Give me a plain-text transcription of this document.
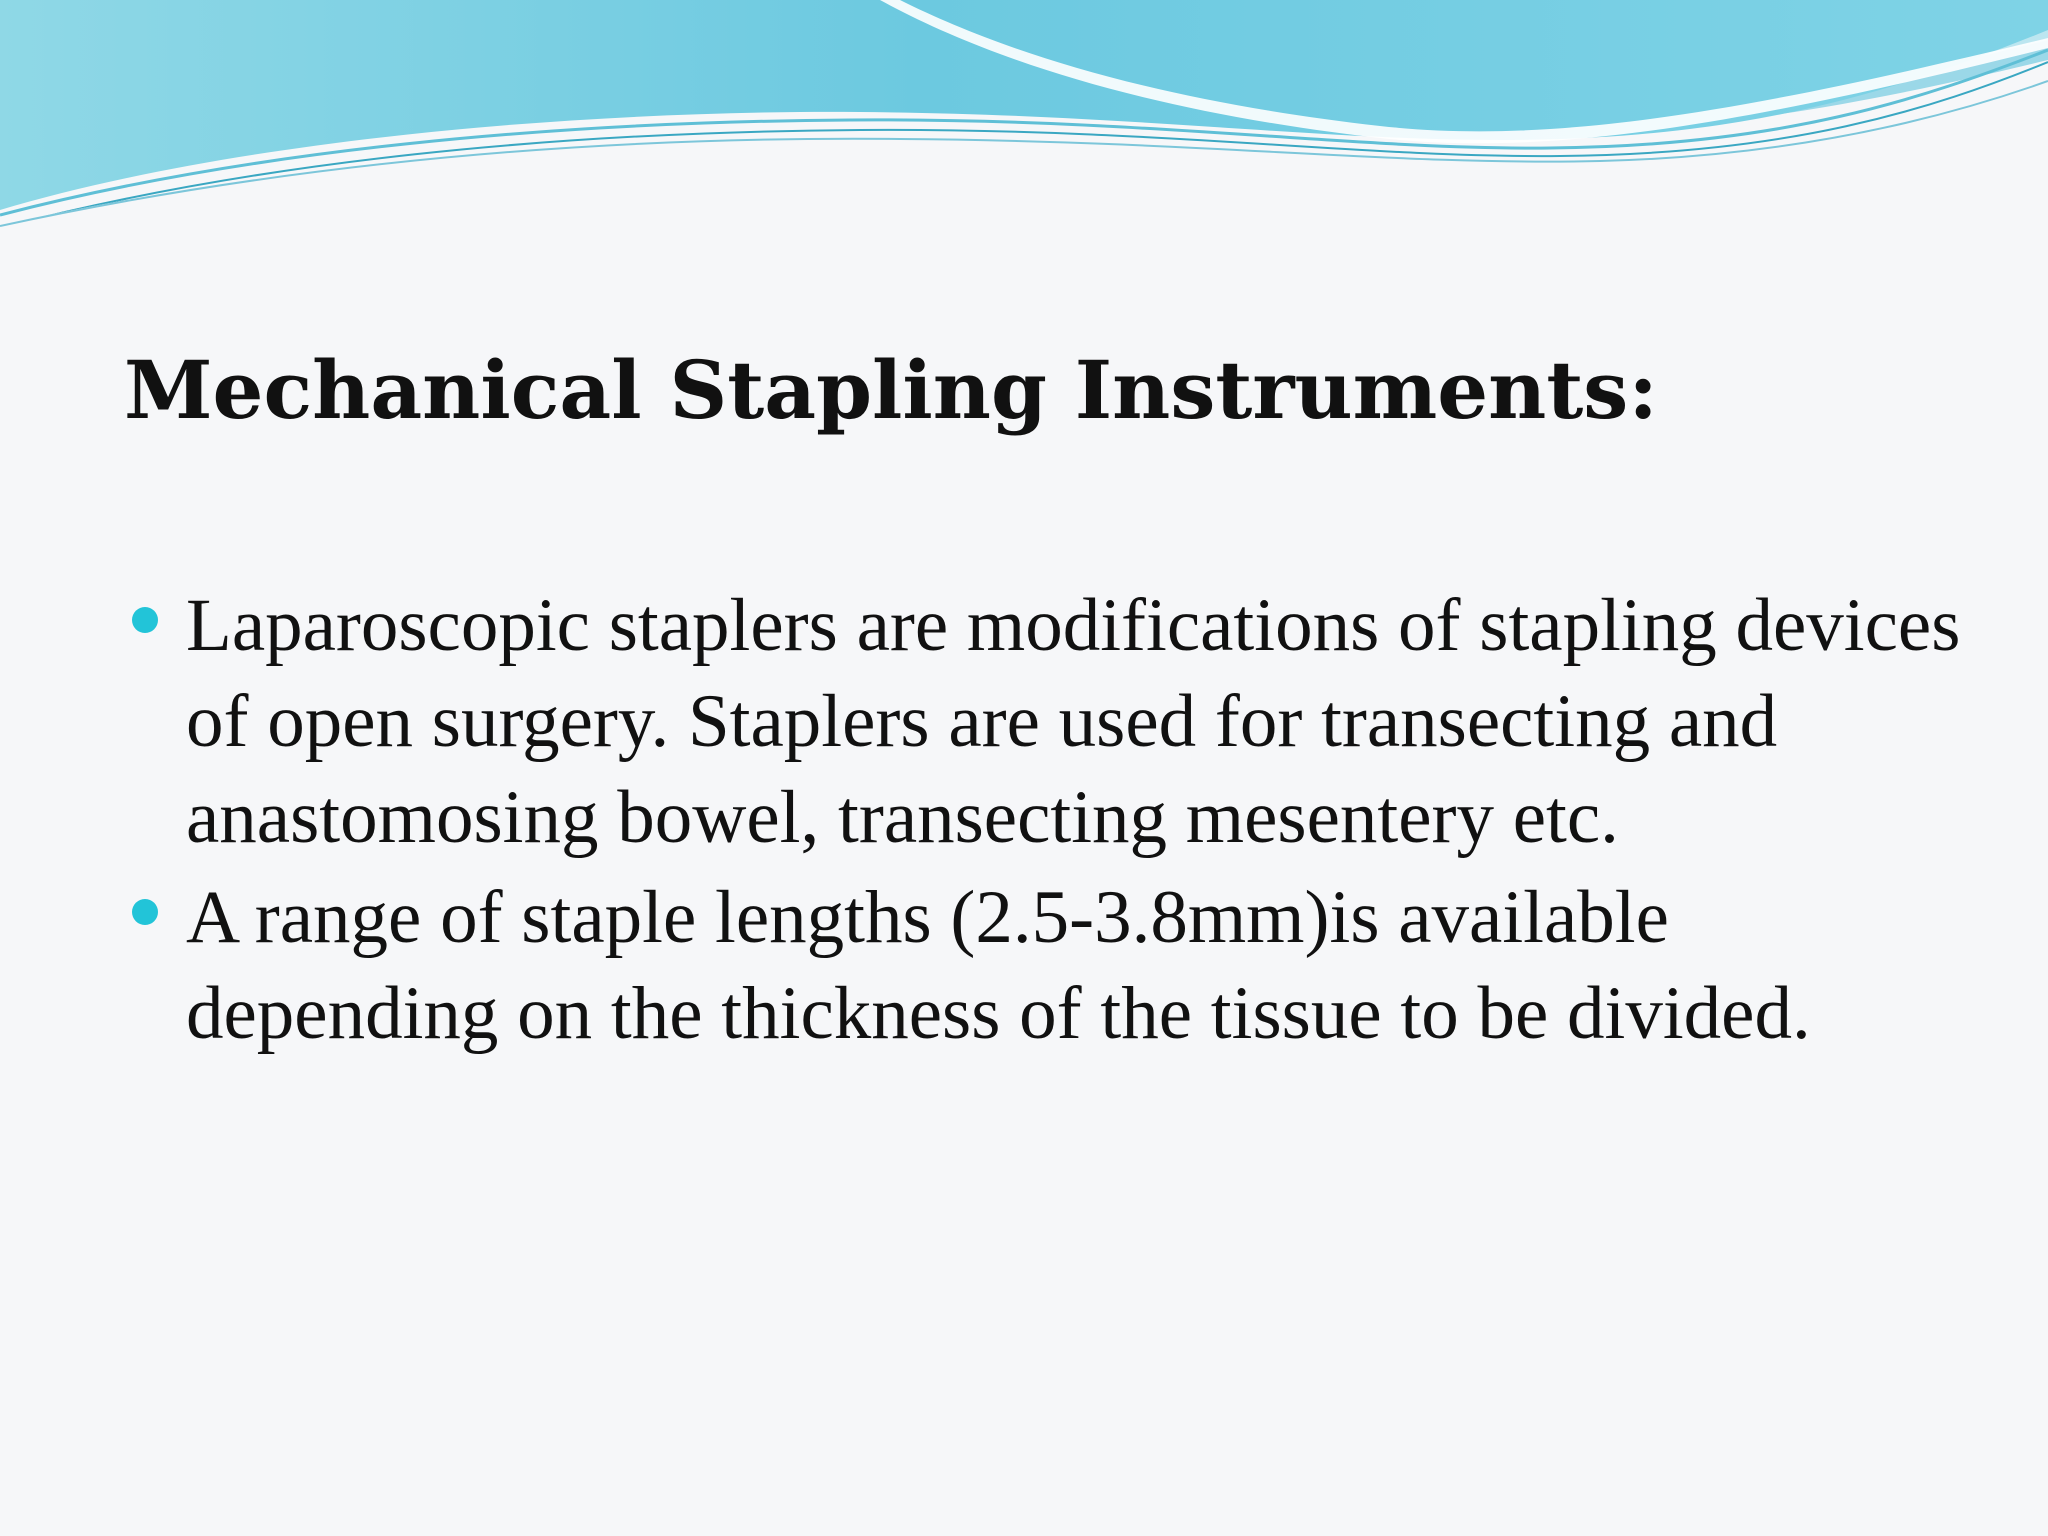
Mechanical Stapling Instruments:
Laparoscopic staplers are modifications of stapling devices of open surgery. Staplers are used for transecting and anastomosing bowel, transecting mesentery etc.
A range of staple lengths (2.5-3.8mm)is available depending on the thickness of the tissue to be divided.
